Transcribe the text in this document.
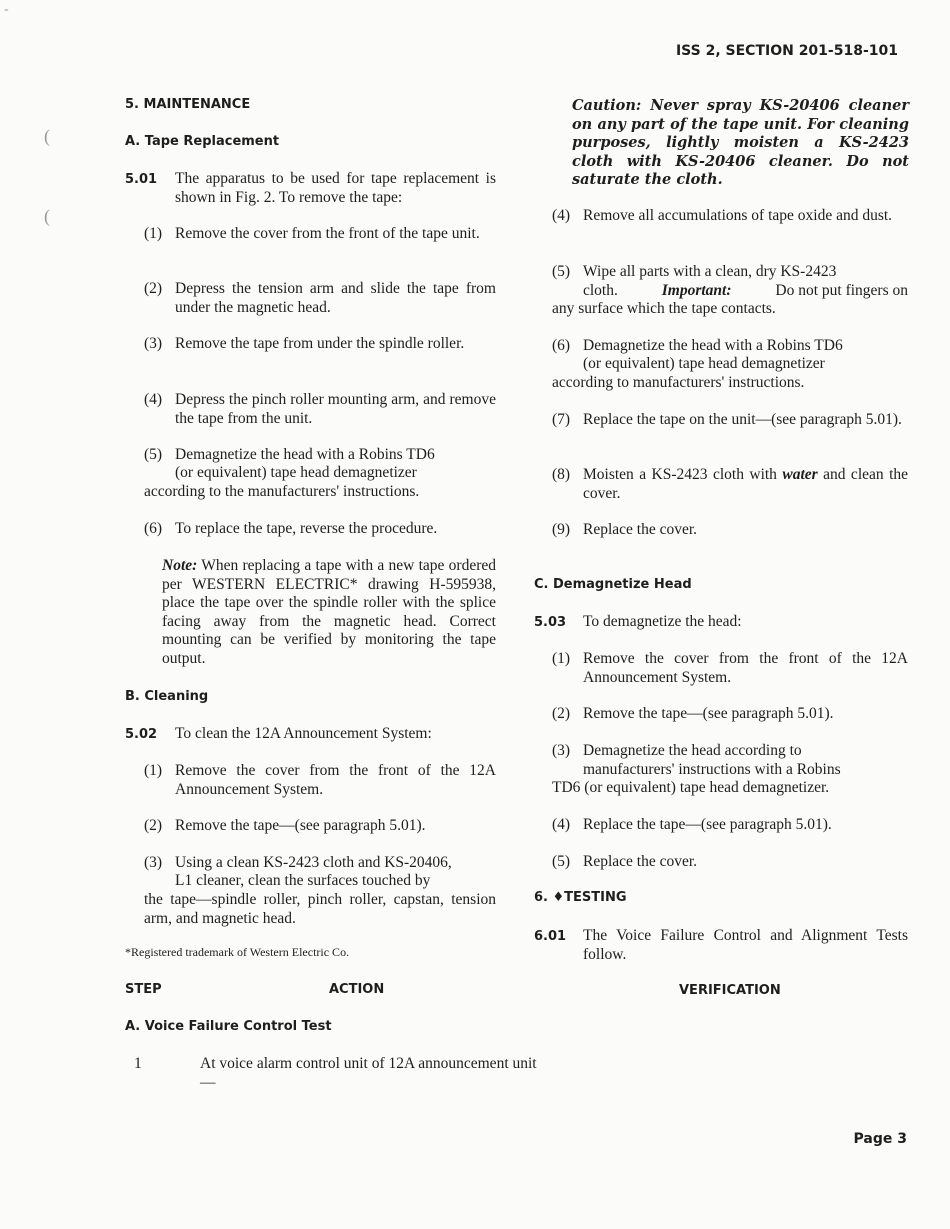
-
(
(
ISS 2, SECTION 201-518-101
5. MAINTENANCE
A. Tape Replacement
5.01 The apparatus to be used for tape replacement is shown in Fig. 2. To remove the tape:
(1) Remove the cover from the front of the tape unit.
(2) Depress the tension arm and slide the tape from under the magnetic head.
(3) Remove the tape from under the spindle roller.
(4) Depress the pinch roller mounting arm, and remove the tape from the unit.
(5) Demagnetize the head with a Robins TD6
(or equivalent) tape head demagnetizer
according to the manufacturers' instructions.
(6) To replace the tape, reverse the procedure.
Note: When replacing a tape with a new tape ordered per WESTERN ELECTRIC* drawing H-595938, place the tape over the spindle roller with the splice facing away from the magnetic head. Correct mounting can be verified by monitoring the tape output.
B. Cleaning
5.02 To clean the 12A Announcement System:
(1) Remove the cover from the front of the 12A Announcement System.
(2) Remove the tape—(see paragraph 5.01).
(3) Using a clean KS-2423 cloth and KS-20406,
L1 cleaner, clean the surfaces touched by
the tape—spindle roller, pinch roller, capstan, tension arm, and magnetic head.
*Registered trademark of Western Electric Co.
Caution: Never spray KS-20406 cleaner on any part of the tape unit. For cleaning purposes, lightly moisten a KS-2423 cloth with KS-20406 cleaner. Do not saturate the cloth.
(4) Remove all accumulations of tape oxide and dust.
(5) Wipe all parts with a clean, dry KS-2423
cloth.	Important:	Do not put fingers on
any surface which the tape contacts.
(6) Demagnetize the head with a Robins TD6
(or equivalent) tape head demagnetizer
according to manufacturers' instructions.
(7) Replace the tape on the unit—(see paragraph 5.01).
(8) Moisten a KS-2423 cloth with water and clean the cover.
(9) Replace the cover.
C. Demagnetize Head
5.03 To demagnetize the head:
(1) Remove the cover from the front of the 12A Announcement System.
(2) Remove the tape—(see paragraph 5.01).
(3) Demagnetize the head according to
manufacturers' instructions with a Robins
TD6 (or equivalent) tape head demagnetizer.
(4) Replace the tape—(see paragraph 5.01).
(5) Replace the cover.
6. ♦TESTING
6.01 The Voice Failure Control and Alignment Tests follow.
STEP	ACTION	VERIFICATION
A. Voice Failure Control Test
1	At voice alarm control unit of 12A announcement unit—
Page 3
